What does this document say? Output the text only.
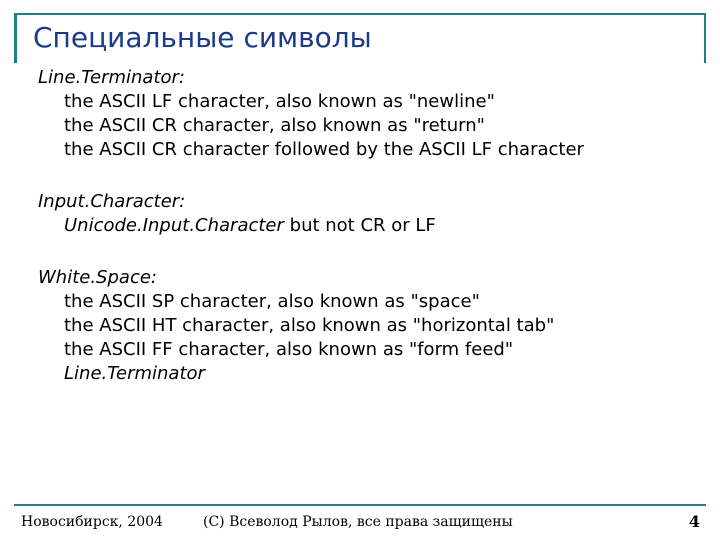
Специальные символы
Line.Terminator:
the ASCII LF character, also known as "newline"
the ASCII CR character, also known as "return"
the ASCII CR character followed by the ASCII LF character
Input.Character:
Unicode.Input.Character but not CR or LF
White.Space:
the ASCII SP character, also known as "space"
the ASCII HT character, also known as "horizontal tab"
the ASCII FF character, also known as "form feed"
Line.Terminator
Новосибирск, 2004	(С) Всеволод Рылов, все права защищены	4
